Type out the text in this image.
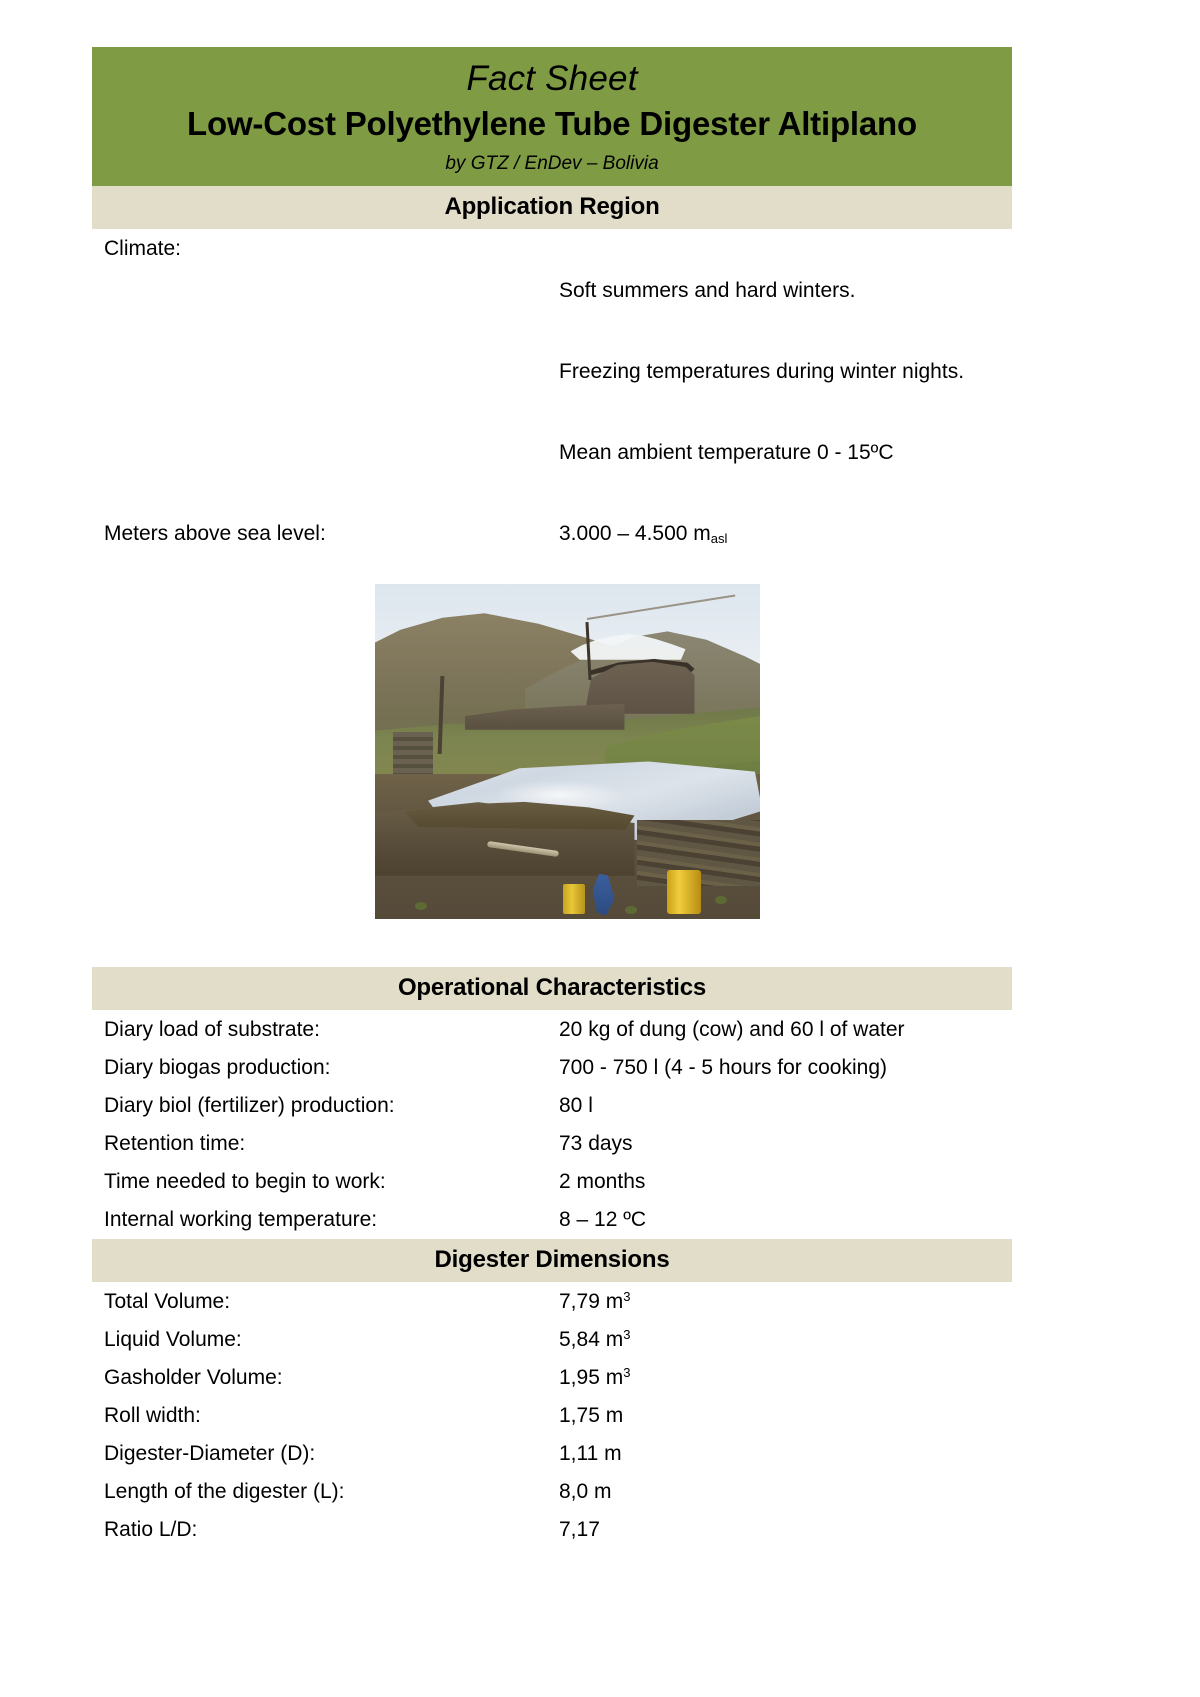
Fact Sheet
Low-Cost Polyethylene Tube Digester Altiplano
by GTZ / EnDev – Bolivia
Application Region
Climate:

Soft summers and hard winters.

Freezing temperatures during winter nights.

Mean ambient temperature 0 - 15ºC

Meters above sea level:	3.000 – 4.500 $m_{asl}$
Operational Characteristics
Diary load of substrate:	20 kg of dung (cow) and 60 l of water
Diary biogas production:	700 - 750 l (4 - 5 hours for cooking)
Diary biol (fertilizer) production:	80 l
Retention time:	73 days
Time needed to begin to work:	2 months
Internal working temperature:	8 – 12 ºC
Digester Dimensions
Total Volume:	7,79 $m^3$
Liquid Volume:	5,84 $m^3$
Gasholder Volume:	1,95 $m^3$
Roll width:	1,75 m
Digester-Diameter (D):	1,11 m
Length of the digester (L):	8,0 m
Ratio L/D:	7,17
